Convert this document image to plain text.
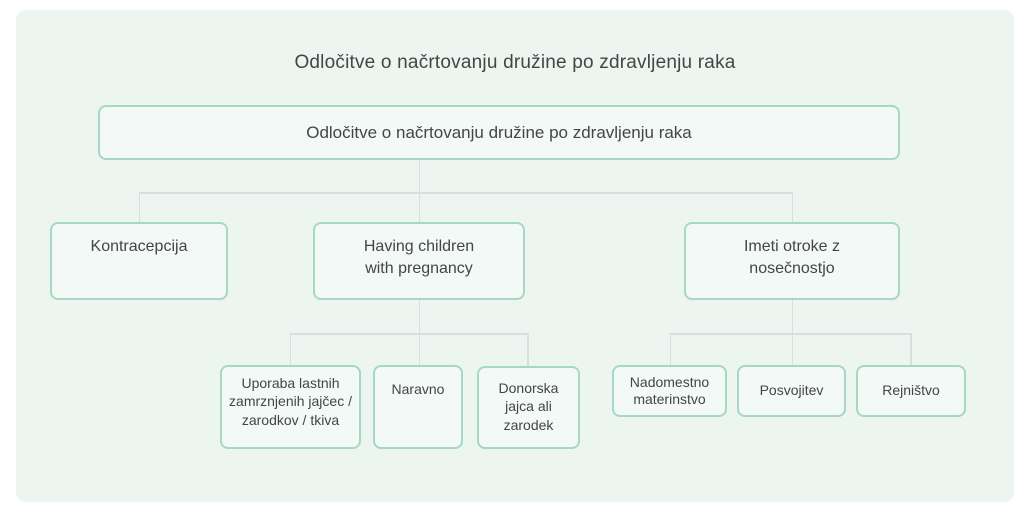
Odločitve o načrtovanju družine po zdravljenju raka
Odločitve o načrtovanju družine po zdravljenju raka
Kontracepcija	Having children with pregnancy
Imeti otroke z nosečnostjo
Uporaba lastnih zamrznjenih jajčec / zarodkov / tkiva
Naravno	Donorska jajca ali zarodek
Nadomestno materinstvo
Posvojitev	Rejništvo
